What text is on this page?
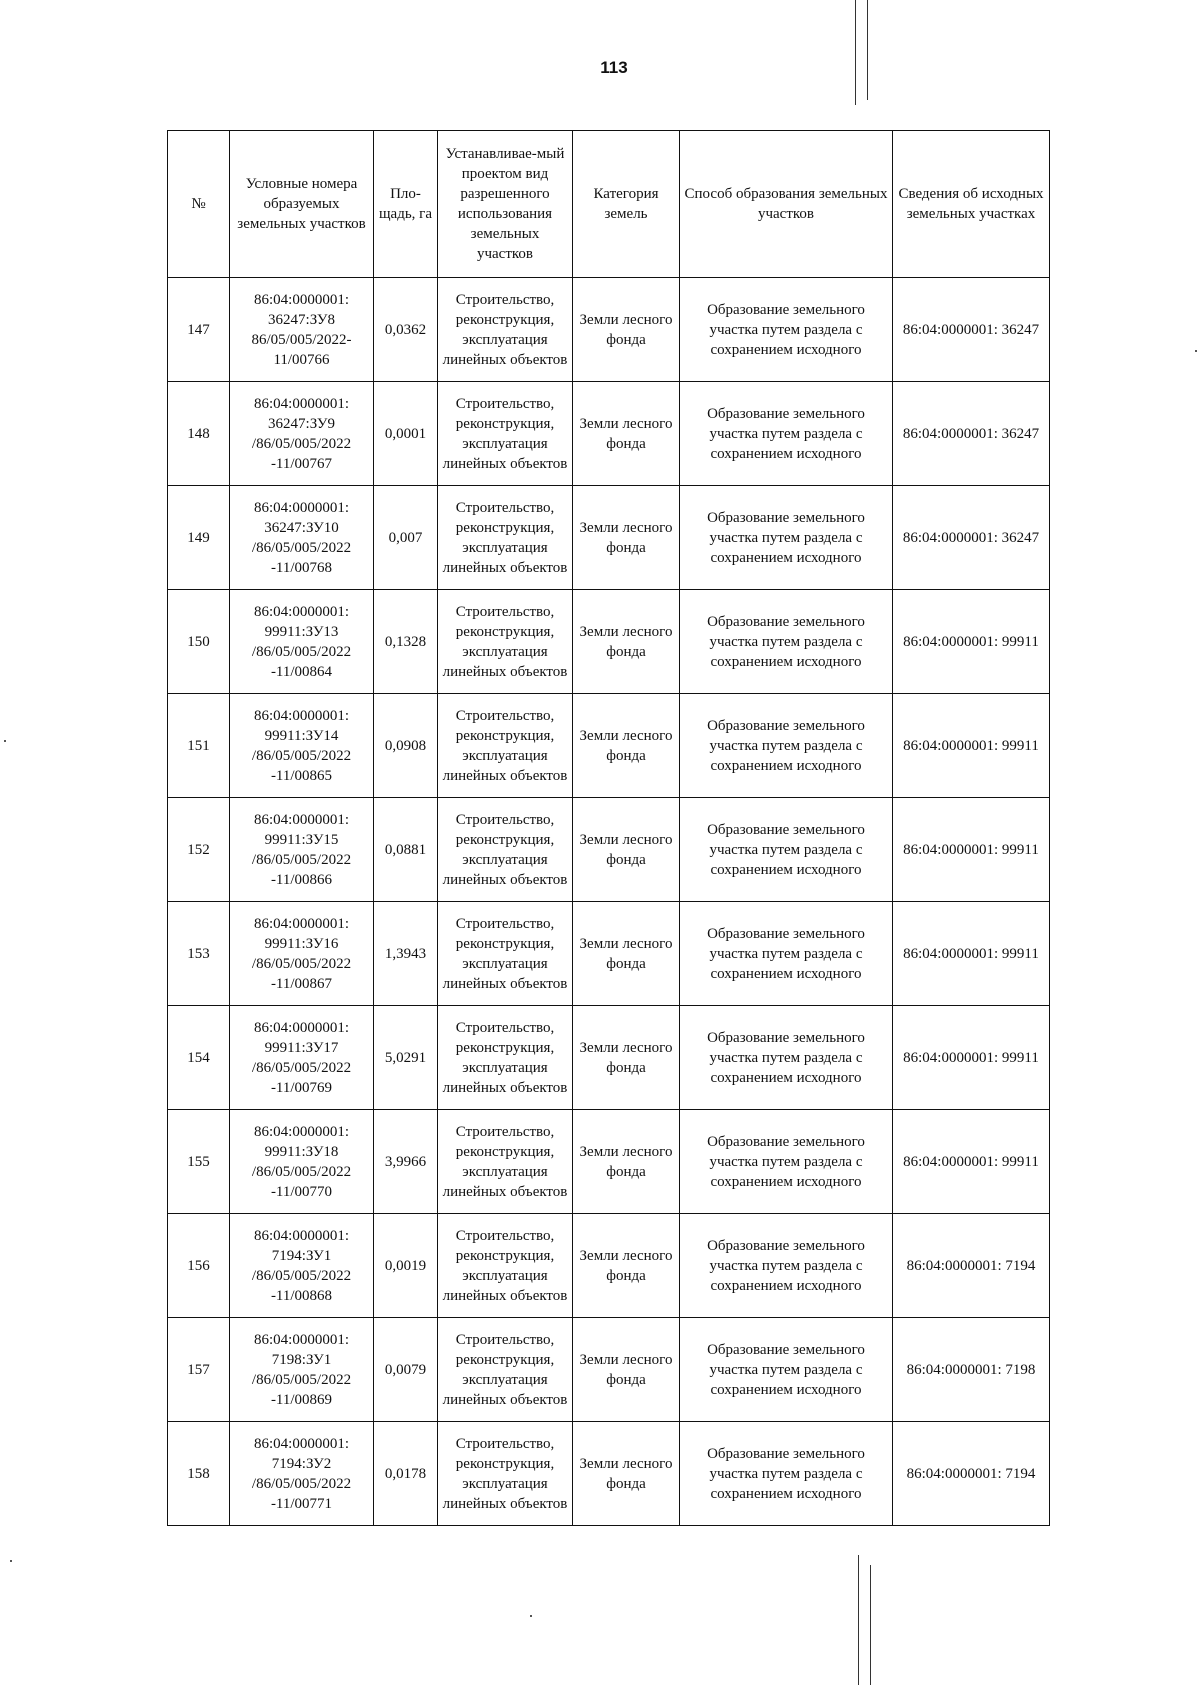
113
№	Условные номера образуемых земельных участков	Пло-щадь, га	Устанавливае-мый проектом вид разрешенного использования земельных участков	Категория земель	Способ образования земельных участков	Сведения об исходных земельных участках
147	86:04:0000001: 36247:ЗУ8 86/05/005/2022- 11/00766	0,0362	Строительство, реконструкция, эксплуатация линейных объектов	Земли лесного фонда	Образование земельного участка путем раздела с сохранением исходного	86:04:0000001: 36247
148	86:04:0000001: 36247:ЗУ9 /86/05/005/2022 -11/00767	0,0001	Строительство, реконструкция, эксплуатация линейных объектов	Земли лесного фонда	Образование земельного участка путем раздела с сохранением исходного	86:04:0000001: 36247
149	86:04:0000001: 36247:ЗУ10 /86/05/005/2022 -11/00768	0,007	Строительство, реконструкция, эксплуатация линейных объектов	Земли лесного фонда	Образование земельного участка путем раздела с сохранением исходного	86:04:0000001: 36247
150	86:04:0000001: 99911:ЗУ13 /86/05/005/2022 -11/00864	0,1328	Строительство, реконструкция, эксплуатация линейных объектов	Земли лесного фонда	Образование земельного участка путем раздела с сохранением исходного	86:04:0000001: 99911
151	86:04:0000001: 99911:ЗУ14 /86/05/005/2022 -11/00865	0,0908	Строительство, реконструкция, эксплуатация линейных объектов	Земли лесного фонда	Образование земельного участка путем раздела с сохранением исходного	86:04:0000001: 99911
152	86:04:0000001: 99911:ЗУ15 /86/05/005/2022 -11/00866	0,0881	Строительство, реконструкция, эксплуатация линейных объектов	Земли лесного фонда	Образование земельного участка путем раздела с сохранением исходного	86:04:0000001: 99911
153	86:04:0000001: 99911:ЗУ16 /86/05/005/2022 -11/00867	1,3943	Строительство, реконструкция, эксплуатация линейных объектов	Земли лесного фонда	Образование земельного участка путем раздела с сохранением исходного	86:04:0000001: 99911
154	86:04:0000001: 99911:ЗУ17 /86/05/005/2022 -11/00769	5,0291	Строительство, реконструкция, эксплуатация линейных объектов	Земли лесного фонда	Образование земельного участка путем раздела с сохранением исходного	86:04:0000001: 99911
155	86:04:0000001: 99911:ЗУ18 /86/05/005/2022 -11/00770	3,9966	Строительство, реконструкция, эксплуатация линейных объектов	Земли лесного фонда	Образование земельного участка путем раздела с сохранением исходного	86:04:0000001: 99911
156	86:04:0000001: 7194:ЗУ1 /86/05/005/2022 -11/00868	0,0019	Строительство, реконструкция, эксплуатация линейных объектов	Земли лесного фонда	Образование земельного участка путем раздела с сохранением исходного	86:04:0000001: 7194
157	86:04:0000001: 7198:ЗУ1 /86/05/005/2022 -11/00869	0,0079	Строительство, реконструкция, эксплуатация линейных объектов	Земли лесного фонда	Образование земельного участка путем раздела с сохранением исходного	86:04:0000001: 7198
158	86:04:0000001: 7194:ЗУ2 /86/05/005/2022 -11/00771	0,0178	Строительство, реконструкция, эксплуатация линейных объектов	Земли лесного фонда	Образование земельного участка путем раздела с сохранением исходного	86:04:0000001: 7194
